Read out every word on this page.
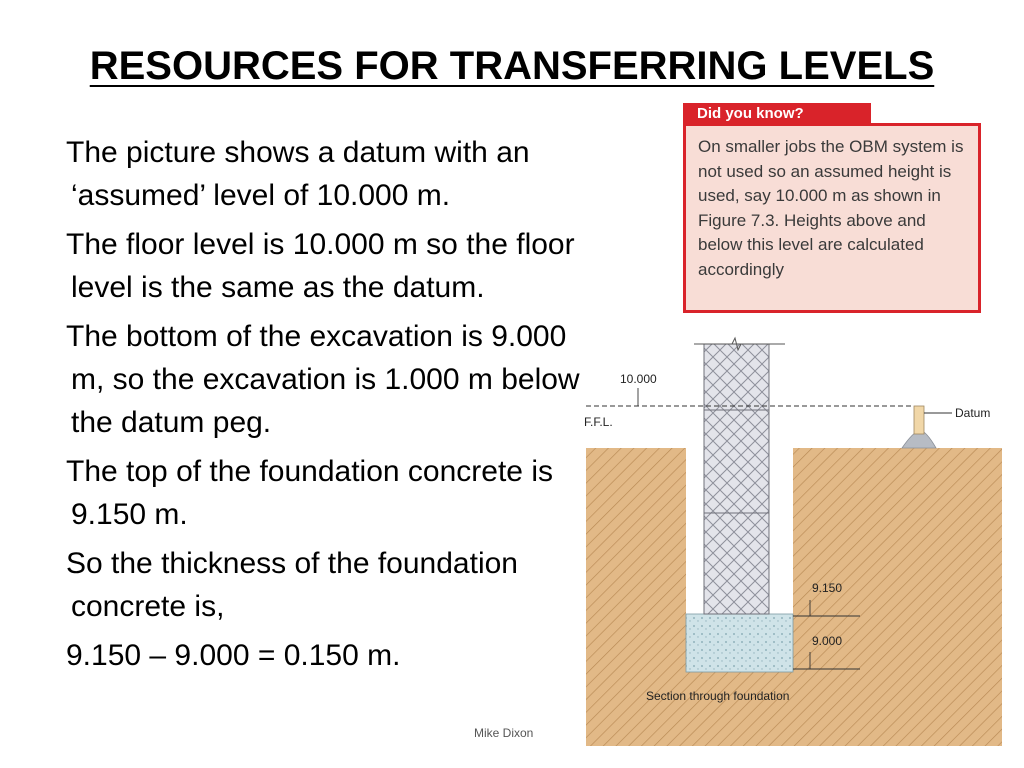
RESOURCES FOR TRANSFERRING LEVELS
The picture shows a datum with an ‘assumed’ level of 10.000 m.
The floor level is 10.000 m so the floor level is the same as the datum.
The bottom of the excavation is 9.000 m, so the excavation is 1.000 m below the datum peg.
The top of the foundation concrete is 9.150 m.
So the thickness of the foundation concrete is,
9.150 – 9.000 = 0.150 m.

On smaller jobs the OBM system is not used so an assumed height is used, say 10.000 m as shown in Figure 7.3. Heights above and below this level are calculated accordingly

Did you know?
10.000
F.F.L.
Datum
9.150
9.000
Section through foundation
Mike Dixon
